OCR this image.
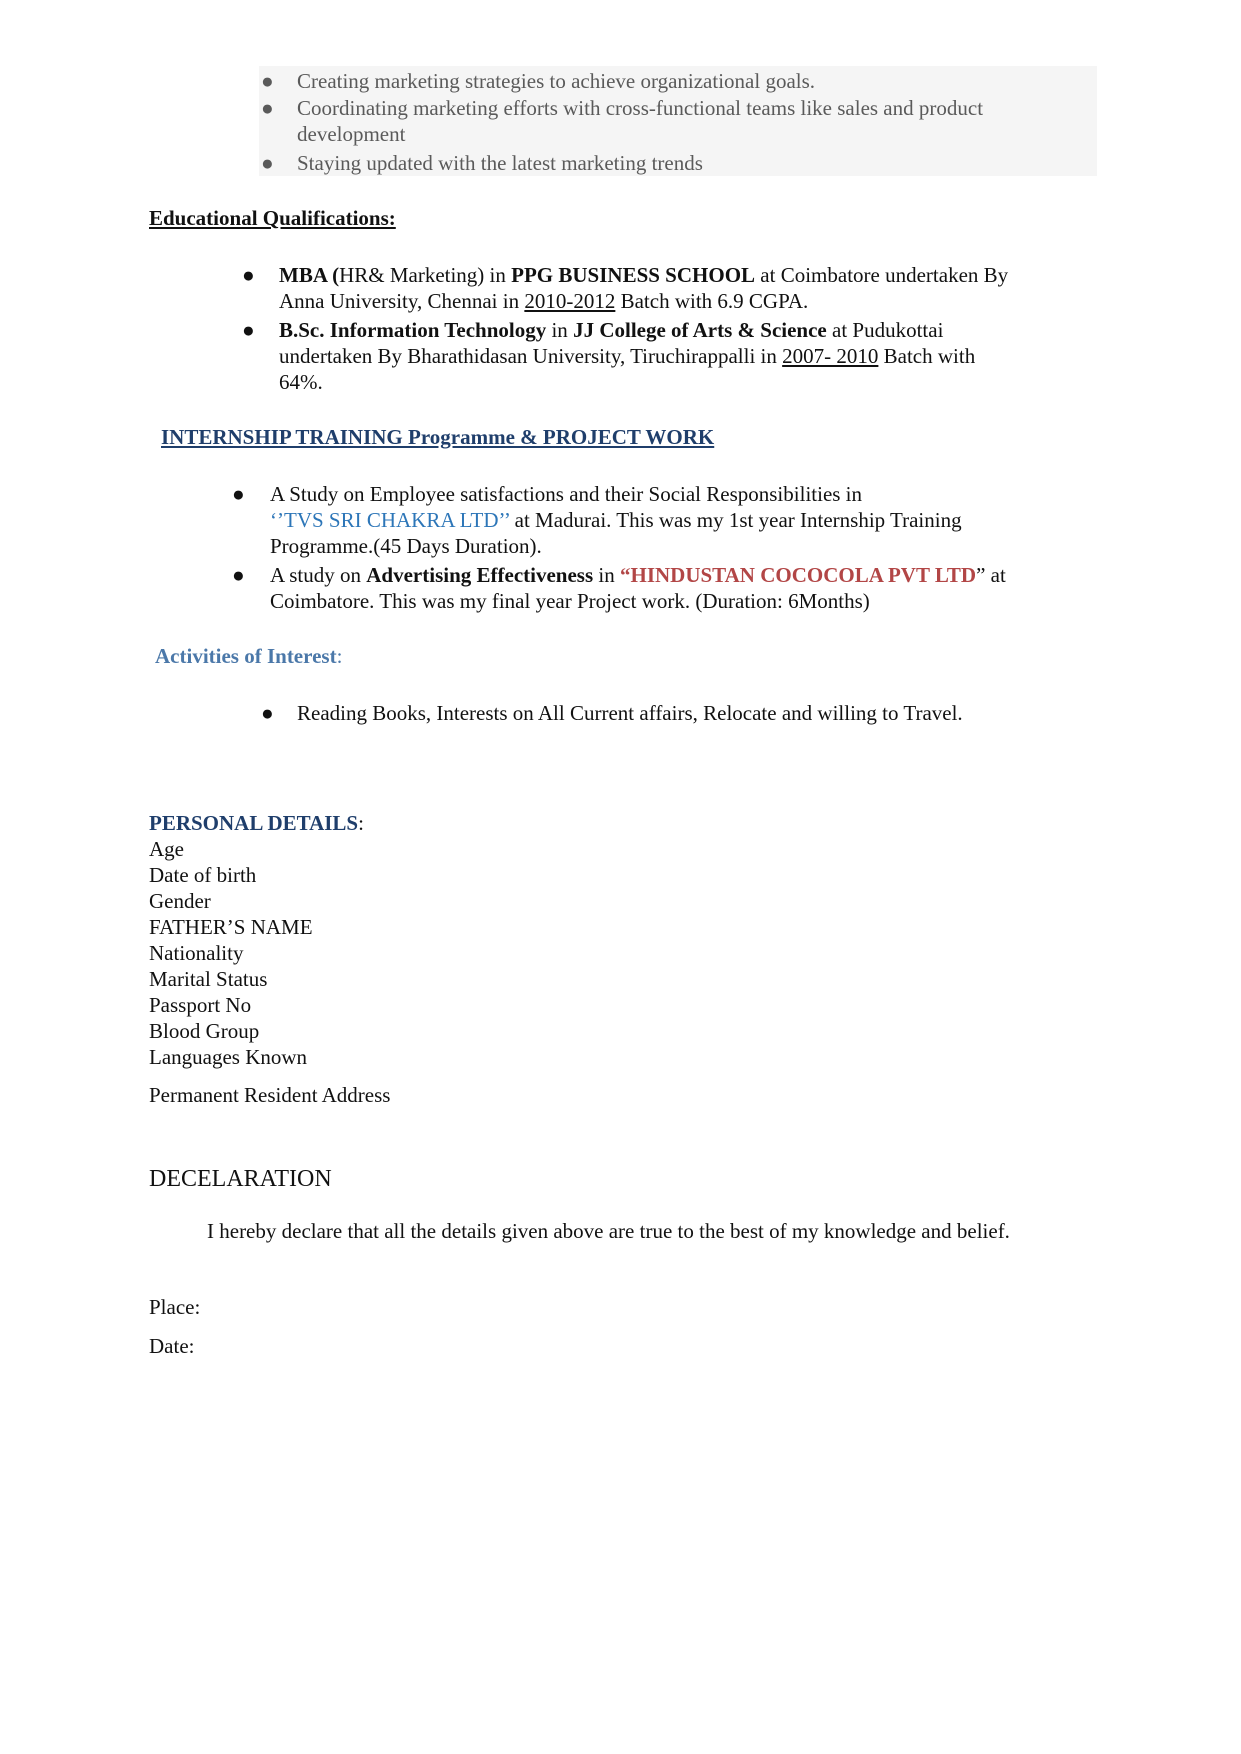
● Creating marketing strategies to achieve organizational goals.
● Coordinating marketing efforts with cross-functional teams like sales and product
development
● Staying updated with the latest marketing trends
Educational Qualifications:
● MBA (HR& Marketing) in PPG BUSINESS SCHOOL at Coimbatore undertaken By
Anna University, Chennai in 2010-2012 Batch with 6.9 CGPA.
● B.Sc. Information Technology in JJ College of Arts & Science at Pudukottai
undertaken By Bharathidasan University, Tiruchirappalli in 2007- 2010 Batch with
64%.
INTERNSHIP TRAINING Programme & PROJECT WORK
● A Study on Employee satisfactions and their Social Responsibilities in
‘’TVS SRI CHAKRA LTD’’ at Madurai. This was my 1st year Internship Training
Programme.(45 Days Duration).
● A study on Advertising Effectiveness in “HINDUSTAN COCOCOLA PVT LTD” at
Coimbatore. This was my final year Project work. (Duration: 6Months)
Activities of Interest:
● Reading Books, Interests on All Current affairs, Relocate and willing to Travel.
PERSONAL DETAILS:
Age
Date of birth
Gender
FATHER’S NAME
Nationality
Marital Status
Passport No
Blood Group
Languages Known
Permanent Resident Address
DECELARATION
I hereby declare that all the details given above are true to the best of my knowledge and belief.
Place:
Date:
